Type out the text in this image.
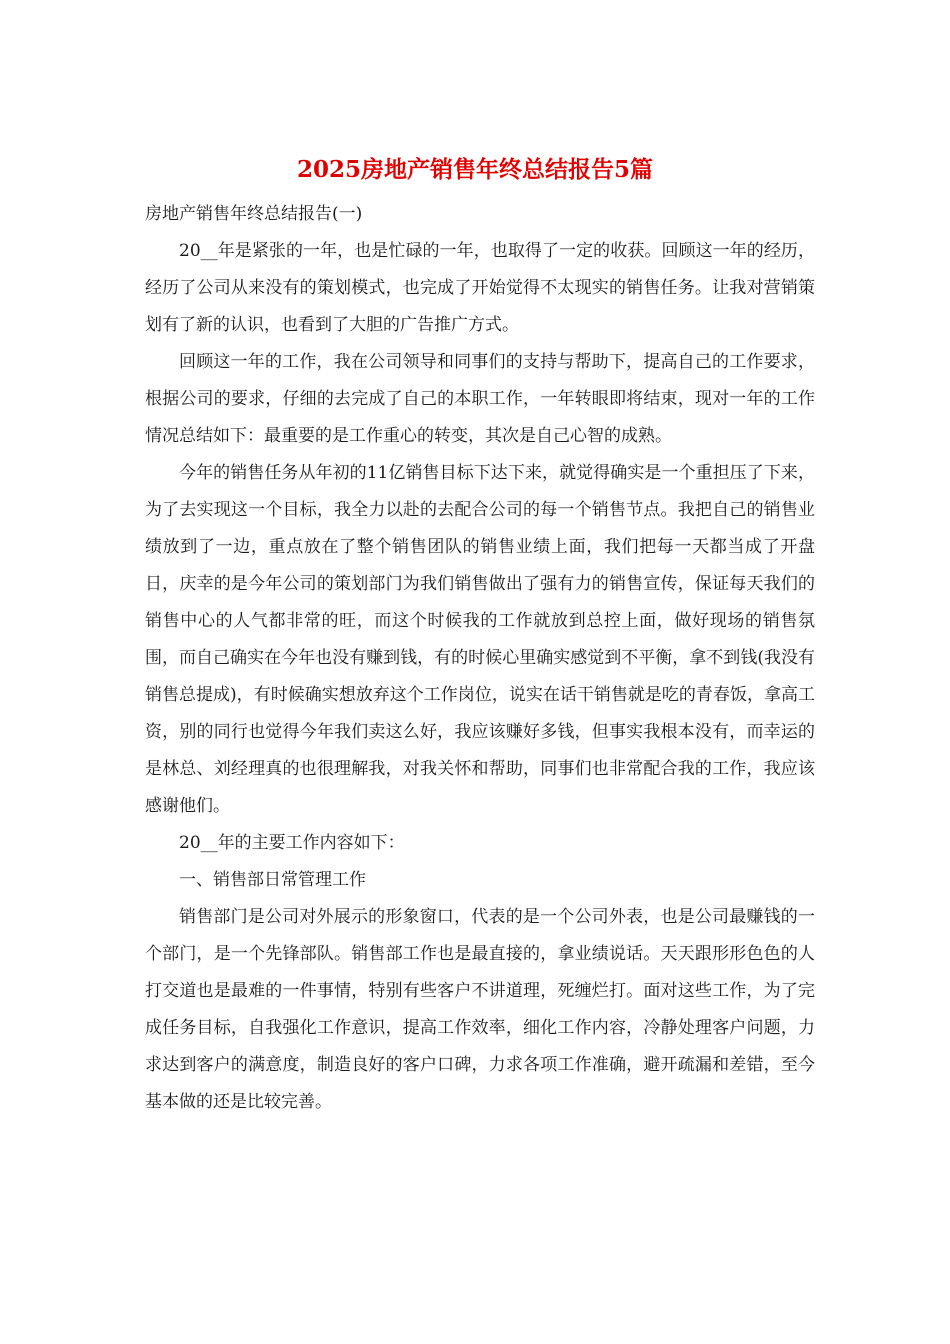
2025房地产销售年终总结报告5篇

房地产销售年终总结报告(一)

20__年是紧张的一年，也是忙碌的一年，也取得了一定的收获。回顾这一年的经历，经历了公司从来没有的策划模式，也完成了开始觉得不太现实的销售任务。让我对营销策划有了新的认识，也看到了大胆的广告推广方式。

回顾这一年的工作，我在公司领导和同事们的支持与帮助下，提高自己的工作要求，根据公司的要求，仔细的去完成了自己的本职工作，一年转眼即将结束，现对一年的工作情况总结如下：最重要的是工作重心的转变，其次是自己心智的成熟。

今年的销售任务从年初的11亿销售目标下达下来，就觉得确实是一个重担压了下来，为了去实现这一个目标，我全力以赴的去配合公司的每一个销售节点。我把自己的销售业绩放到了一边，重点放在了整个销售团队的销售业绩上面，我们把每一天都当成了开盘日，庆幸的是今年公司的策划部门为我们销售做出了强有力的销售宣传，保证每天我们的销售中心的人气都非常的旺，而这个时候我的工作就放到总控上面，做好现场的销售氛围，而自己确实在今年也没有赚到钱，有的时候心里确实感觉到不平衡，拿不到钱(我没有销售总提成)，有时候确实想放弃这个工作岗位，说实在话干销售就是吃的青春饭，拿高工资，别的同行也觉得今年我们卖这么好，我应该赚好多钱，但事实我根本没有，而幸运的是林总、刘经理真的也很理解我，对我关怀和帮助，同事们也非常配合我的工作，我应该感谢他们。

20__年的主要工作内容如下：

一、销售部日常管理工作

销售部门是公司对外展示的形象窗口，代表的是一个公司外表，也是公司最赚钱的一个部门，是一个先锋部队。销售部工作也是最直接的，拿业绩说话。天天跟形形色色的人打交道也是最难的一件事情，特别有些客户不讲道理，死缠烂打。面对这些工作，为了完成任务目标，自我强化工作意识，提高工作效率，细化工作内容，冷静处理客户问题，力求达到客户的满意度，制造良好的客户口碑，力求各项工作准确，避开疏漏和差错，至今基本做的还是比较完善。
